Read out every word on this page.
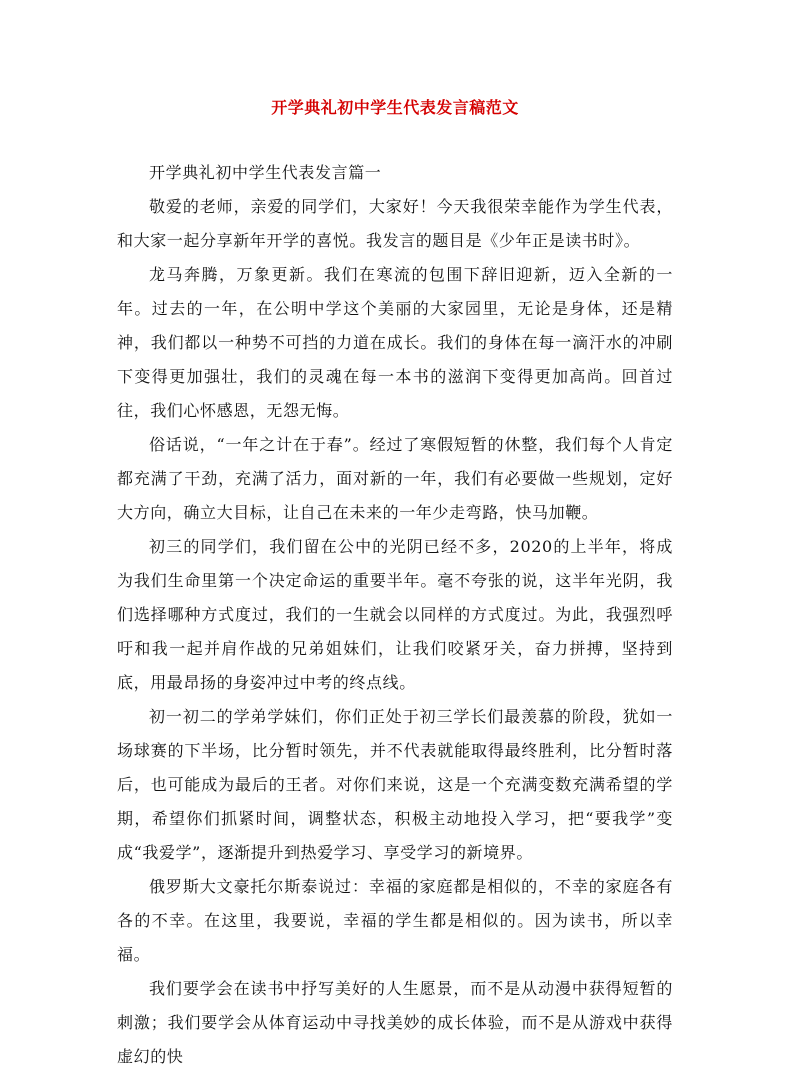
开学典礼初中学生代表发言稿范文

开学典礼初中学生代表发言篇一

敬爱的老师，亲爱的同学们，大家好！今天我很荣幸能作为学生代表，和大家一起分享新年开学的喜悦。我发言的题目是《少年正是读书时》。

龙马奔腾，万象更新。我们在寒流的包围下辞旧迎新，迈入全新的一年。过去的一年，在公明中学这个美丽的大家园里，无论是身体，还是精神，我们都以一种势不可挡的力道在成长。我们的身体在每一滴汗水的冲刷下变得更加强壮，我们的灵魂在每一本书的滋润下变得更加高尚。回首过往，我们心怀感恩，无怨无悔。

俗话说，“一年之计在于春”。经过了寒假短暂的休整，我们每个人肯定都充满了干劲，充满了活力，面对新的一年，我们有必要做一些规划，定好大方向，确立大目标，让自己在未来的一年少走弯路，快马加鞭。

初三的同学们，我们留在公中的光阴已经不多，2020的上半年，将成为我们生命里第一个决定命运的重要半年。毫不夸张的说，这半年光阴，我们选择哪种方式度过，我们的一生就会以同样的方式度过。为此，我强烈呼吁和我一起并肩作战的兄弟姐妹们，让我们咬紧牙关，奋力拼搏，坚持到底，用最昂扬的身姿冲过中考的终点线。

初一初二的学弟学妹们，你们正处于初三学长们最羡慕的阶段，犹如一场球赛的下半场，比分暂时领先，并不代表就能取得最终胜利，比分暂时落后，也可能成为最后的王者。对你们来说，这是一个充满变数充满希望的学期，希望你们抓紧时间，调整状态，积极主动地投入学习，把“要我学”变成“我爱学”，逐渐提升到热爱学习、享受学习的新境界。

俄罗斯大文豪托尔斯泰说过：幸福的家庭都是相似的，不幸的家庭各有各的不幸。在这里，我要说，幸福的学生都是相似的。因为读书，所以幸福。

我们要学会在读书中抒写美好的人生愿景，而不是从动漫中获得短暂的刺激；我们要学会从体育运动中寻找美妙的成长体验，而不是从游戏中获得虚幻的快
